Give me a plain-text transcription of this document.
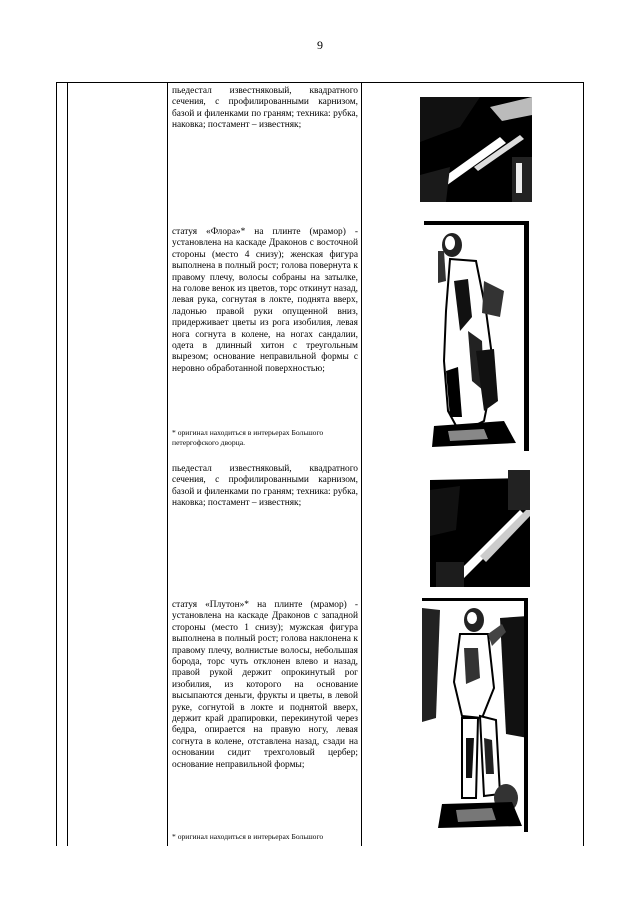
9
пьедестал известняковый, квадратного сечения, с профилированными карнизом, базой и филенками по граням; техника: рубка, наковка; постамент – известняк;
статуя «Флора»* на плинте (мрамор) - установлена на каскаде Драконов с восточной стороны (место 4 снизу); женская фигура выполнена в полный рост; голова повернута к правому плечу, волосы собраны на затылке, на голове венок из цветов, торс откинут назад, левая рука, согнутая в локте, поднята вверх, ладонью правой руки опущенной вниз, придерживает цветы из рога изобилия, левая нога согнута в колене, на ногах сандалии, одета в длинный хитон с треугольным вырезом; основание неправильной формы с неровно обработанной поверхностью;
* оригинал находиться в интерьерах Большого петергофского дворца.
пьедестал известняковый, квадратного сечения, с профилированными карнизом, базой и филенками по граням; техника: рубка, наковка; постамент – известняк;
статуя «Плутон»* на плинте (мрамор) - установлена на каскаде Драконов с западной стороны (место 1 снизу); мужская фигура выполнена в полный рост; голова наклонена к правому плечу, волнистые волосы, небольшая борода, торс чуть отклонен влево и назад, правой рукой держит опрокинутый рог изобилия, из которого на основание высыпаются деньги, фрукты и цветы, в левой руке, согнутой в локте и поднятой вверх, держит край драпировки, перекинутой через бедра, опирается на правую ногу, левая согнута в колене, отставлена назад, сзади на основании сидит трехголовый цербер; основание неправильной формы;
* оригинал находиться в интерьерах Большого
